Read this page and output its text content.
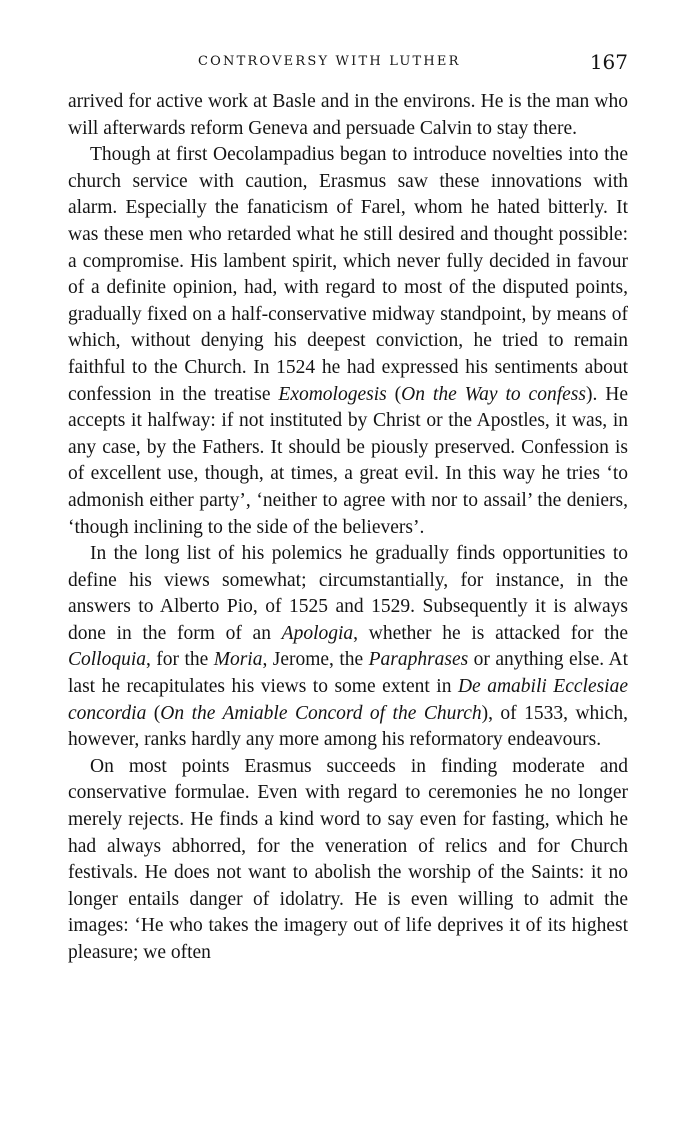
CONTROVERSY WITH LUTHER	167

arrived for active work at Basle and in the environs. He is the man who will afterwards reform Geneva and persuade Calvin to stay there.

Though at first Oecolampadius began to introduce novelties into the church service with caution, Erasmus saw these innovations with alarm. Especially the fanaticism of Farel, whom he hated bitterly. It was these men who retarded what he still desired and thought possible: a compromise. His lambent spirit, which never fully decided in favour of a definite opinion, had, with regard to most of the disputed points, gradually fixed on a half-conservative midway standpoint, by means of which, without denying his deepest conviction, he tried to remain faithful to the Church. In 1524 he had expressed his sentiments about confession in the treatise Exomologesis (On the Way to confess). He accepts it halfway: if not instituted by Christ or the Apostles, it was, in any case, by the Fathers. It should be piously preserved. Confession is of excellent use, though, at times, a great evil. In this way he tries ‘to admonish either party’, ‘neither to agree with nor to assail’ the deniers, ‘though inclining to the side of the believers’.

In the long list of his polemics he gradually finds opportunities to define his views somewhat; circumstantially, for instance, in the answers to Alberto Pio, of 1525 and 1529. Subsequently it is always done in the form of an Apologia, whether he is attacked for the Colloquia, for the Moria, Jerome, the Paraphrases or anything else. At last he recapitulates his views to some extent in De amabili Ecclesiae concordia (On the Amiable Concord of the Church), of 1533, which, however, ranks hardly any more among his reformatory endeavours.

On most points Erasmus succeeds in finding moderate and conservative formulae. Even with regard to ceremonies he no longer merely rejects. He finds a kind word to say even for fasting, which he had always abhorred, for the veneration of relics and for Church festivals. He does not want to abolish the worship of the Saints: it no longer entails danger of idolatry. He is even willing to admit the images: ‘He who takes the imagery out of life deprives it of its highest pleasure; we often
